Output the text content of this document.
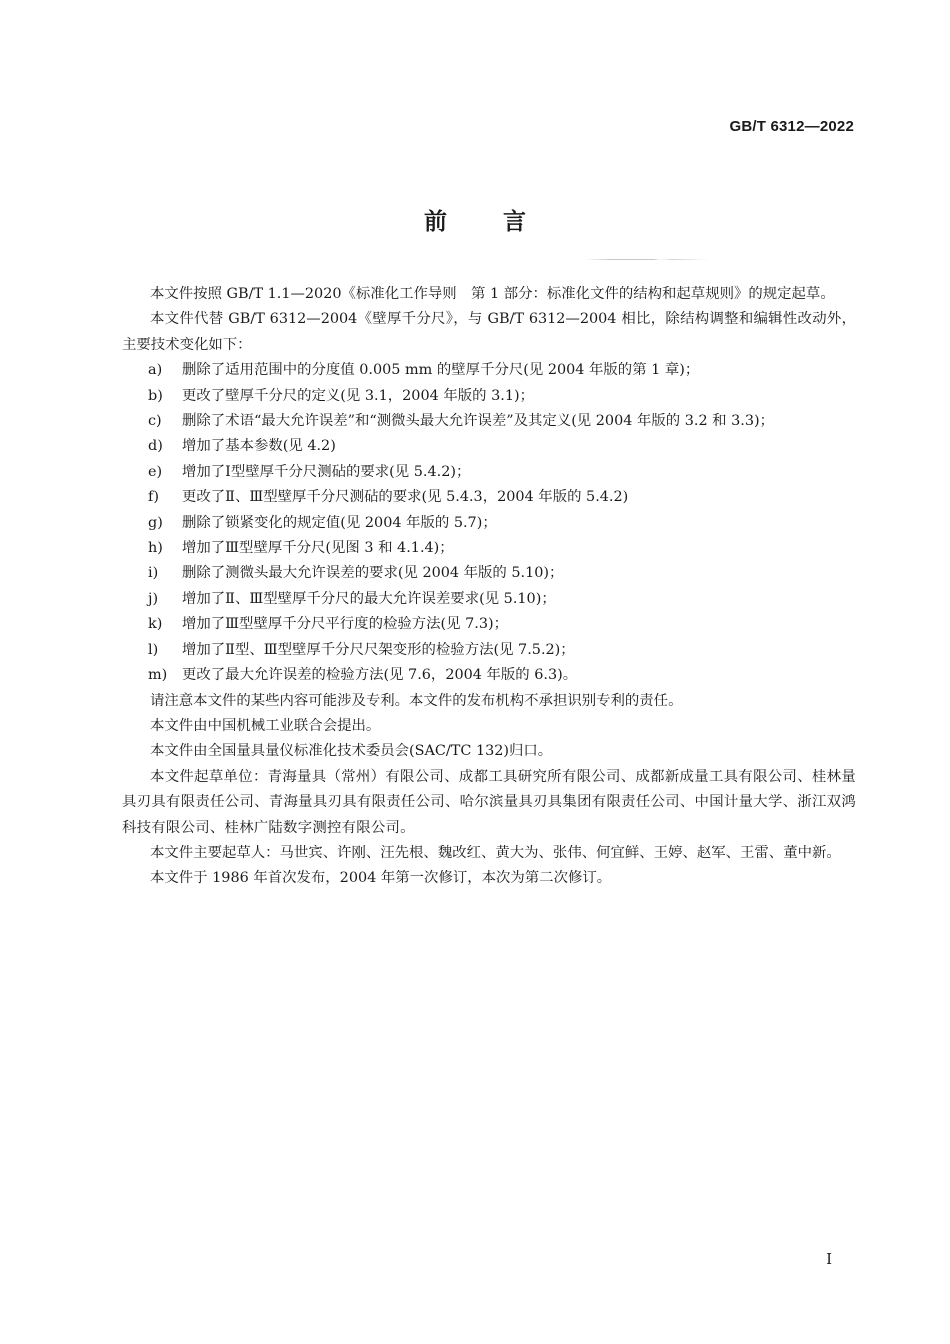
GB/T 6312—2022
前言

本文件按照 GB/T 1.1—2020《标准化工作导则　第 1 部分：标准化文件的结构和起草规则》的规定起草。

本文件代替 GB/T 6312—2004《壁厚千分尺》，与 GB/T 6312—2004 相比，除结构调整和编辑性改动外，主要技术变化如下：

a)	删除了适用范围中的分度值 0.005 mm 的壁厚千分尺(见 2004 年版的第 1 章)；
b)	更改了壁厚千分尺的定义(见 3.1，2004 年版的 3.1)；
c)	删除了术语“最大允许误差”和“测微头最大允许误差”及其定义(见 2004 年版的 3.2 和 3.3)；
d)	增加了基本参数(见 4.2)
e)	增加了Ⅰ型壁厚千分尺测砧的要求(见 5.4.2)；
f)	更改了Ⅱ、Ⅲ型壁厚千分尺测砧的要求(见 5.4.3，2004 年版的 5.4.2)
g)	删除了锁紧变化的规定值(见 2004 年版的 5.7)；
h)	增加了Ⅲ型壁厚千分尺(见图 3 和 4.1.4)；
i)	删除了测微头最大允许误差的要求(见 2004 年版的 5.10)；
j)	增加了Ⅱ、Ⅲ型壁厚千分尺的最大允许误差要求(见 5.10)；
k)	增加了Ⅲ型壁厚千分尺平行度的检验方法(见 7.3)；
l)	增加了Ⅱ型、Ⅲ型壁厚千分尺尺架变形的检验方法(见 7.5.2)；
m)	更改了最大允许误差的检验方法(见 7.6，2004 年版的 6.3)。

请注意本文件的某些内容可能涉及专利。本文件的发布机构不承担识别专利的责任。

本文件由中国机械工业联合会提出。

本文件由全国量具量仪标准化技术委员会(SAC/TC 132)归口。

本文件起草单位：青海量具（常州）有限公司、成都工具研究所有限公司、成都新成量工具有限公司、桂林量具刃具有限责任公司、青海量具刃具有限责任公司、哈尔滨量具刃具集团有限责任公司、中国计量大学、浙江双鸿科技有限公司、桂林广陆数字测控有限公司。

本文件主要起草人：马世宾、许刚、汪先根、魏改红、黄大为、张伟、何宜鲜、王婷、赵军、王雷、董中新。

本文件于 1986 年首次发布，2004 年第一次修订，本次为第二次修订。

I
